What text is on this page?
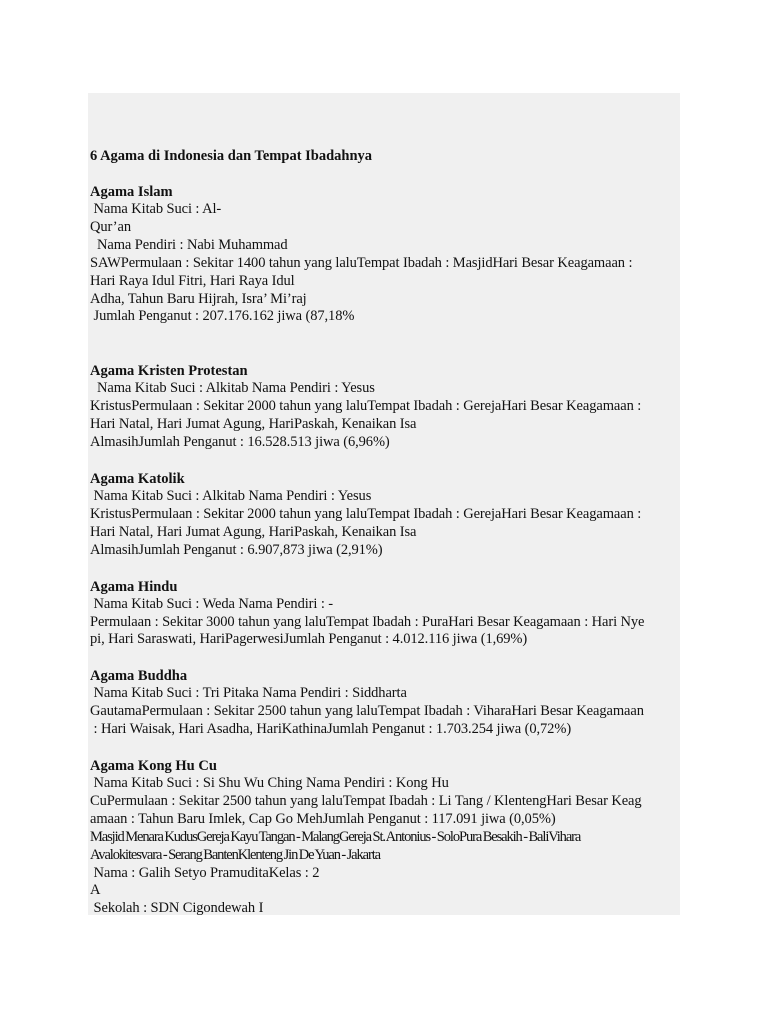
6 Agama di Indonesia dan Tempat Ibadahnya
Agama Islam
Nama Kitab Suci : Al-
Qur’an
Nama Pendiri : Nabi Muhammad
SAWPermulaan : Sekitar 1400 tahun yang laluTempat Ibadah : MasjidHari Besar Keagamaan :
Hari Raya Idul Fitri, Hari Raya Idul
Adha, Tahun Baru Hijrah, Isra’ Mi’raj
Jumlah Penganut : 207.176.162 jiwa (87,18%
Agama Kristen Protestan
Nama Kitab Suci : Alkitab Nama Pendiri : Yesus
KristusPermulaan : Sekitar 2000 tahun yang laluTempat Ibadah : GerejaHari Besar Keagamaan :
Hari Natal, Hari Jumat Agung, HariPaskah, Kenaikan Isa
AlmasihJumlah Penganut : 16.528.513 jiwa (6,96%)
Agama Katolik
Nama Kitab Suci : Alkitab Nama Pendiri : Yesus
KristusPermulaan : Sekitar 2000 tahun yang laluTempat Ibadah : GerejaHari Besar Keagamaan :
Hari Natal, Hari Jumat Agung, HariPaskah, Kenaikan Isa
AlmasihJumlah Penganut : 6.907,873 jiwa (2,91%)
Agama Hindu
Nama Kitab Suci : Weda Nama Pendiri : -
Permulaan : Sekitar 3000 tahun yang laluTempat Ibadah : PuraHari Besar Keagamaan : Hari Nye
pi, Hari Saraswati, HariPagerwesiJumlah Penganut : 4.012.116 jiwa (1,69%)
Agama Buddha
Nama Kitab Suci : Tri Pitaka Nama Pendiri : Siddharta
GautamaPermulaan : Sekitar 2500 tahun yang laluTempat Ibadah : ViharaHari Besar Keagamaan
: Hari Waisak, Hari Asadha, HariKathinaJumlah Penganut : 1.703.254 jiwa (0,72%)
Agama Kong Hu Cu
Nama Kitab Suci : Si Shu Wu Ching Nama Pendiri : Kong Hu
CuPermulaan : Sekitar 2500 tahun yang laluTempat Ibadah : Li Tang / KlentengHari Besar Keag
amaan : Tahun Baru Imlek, Cap Go MehJumlah Penganut : 117.091 jiwa (0,05%)
Masjid Menara KudusGereja Kayu Tangan - MalangGereja St. Antonius - SoloPura Besakih - BaliVihara
Avalokitesvara - Serang BantenKlenteng Jin De Yuan - Jakarta
Nama : Galih Setyo PramuditaKelas : 2
A
Sekolah : SDN Cigondewah I
